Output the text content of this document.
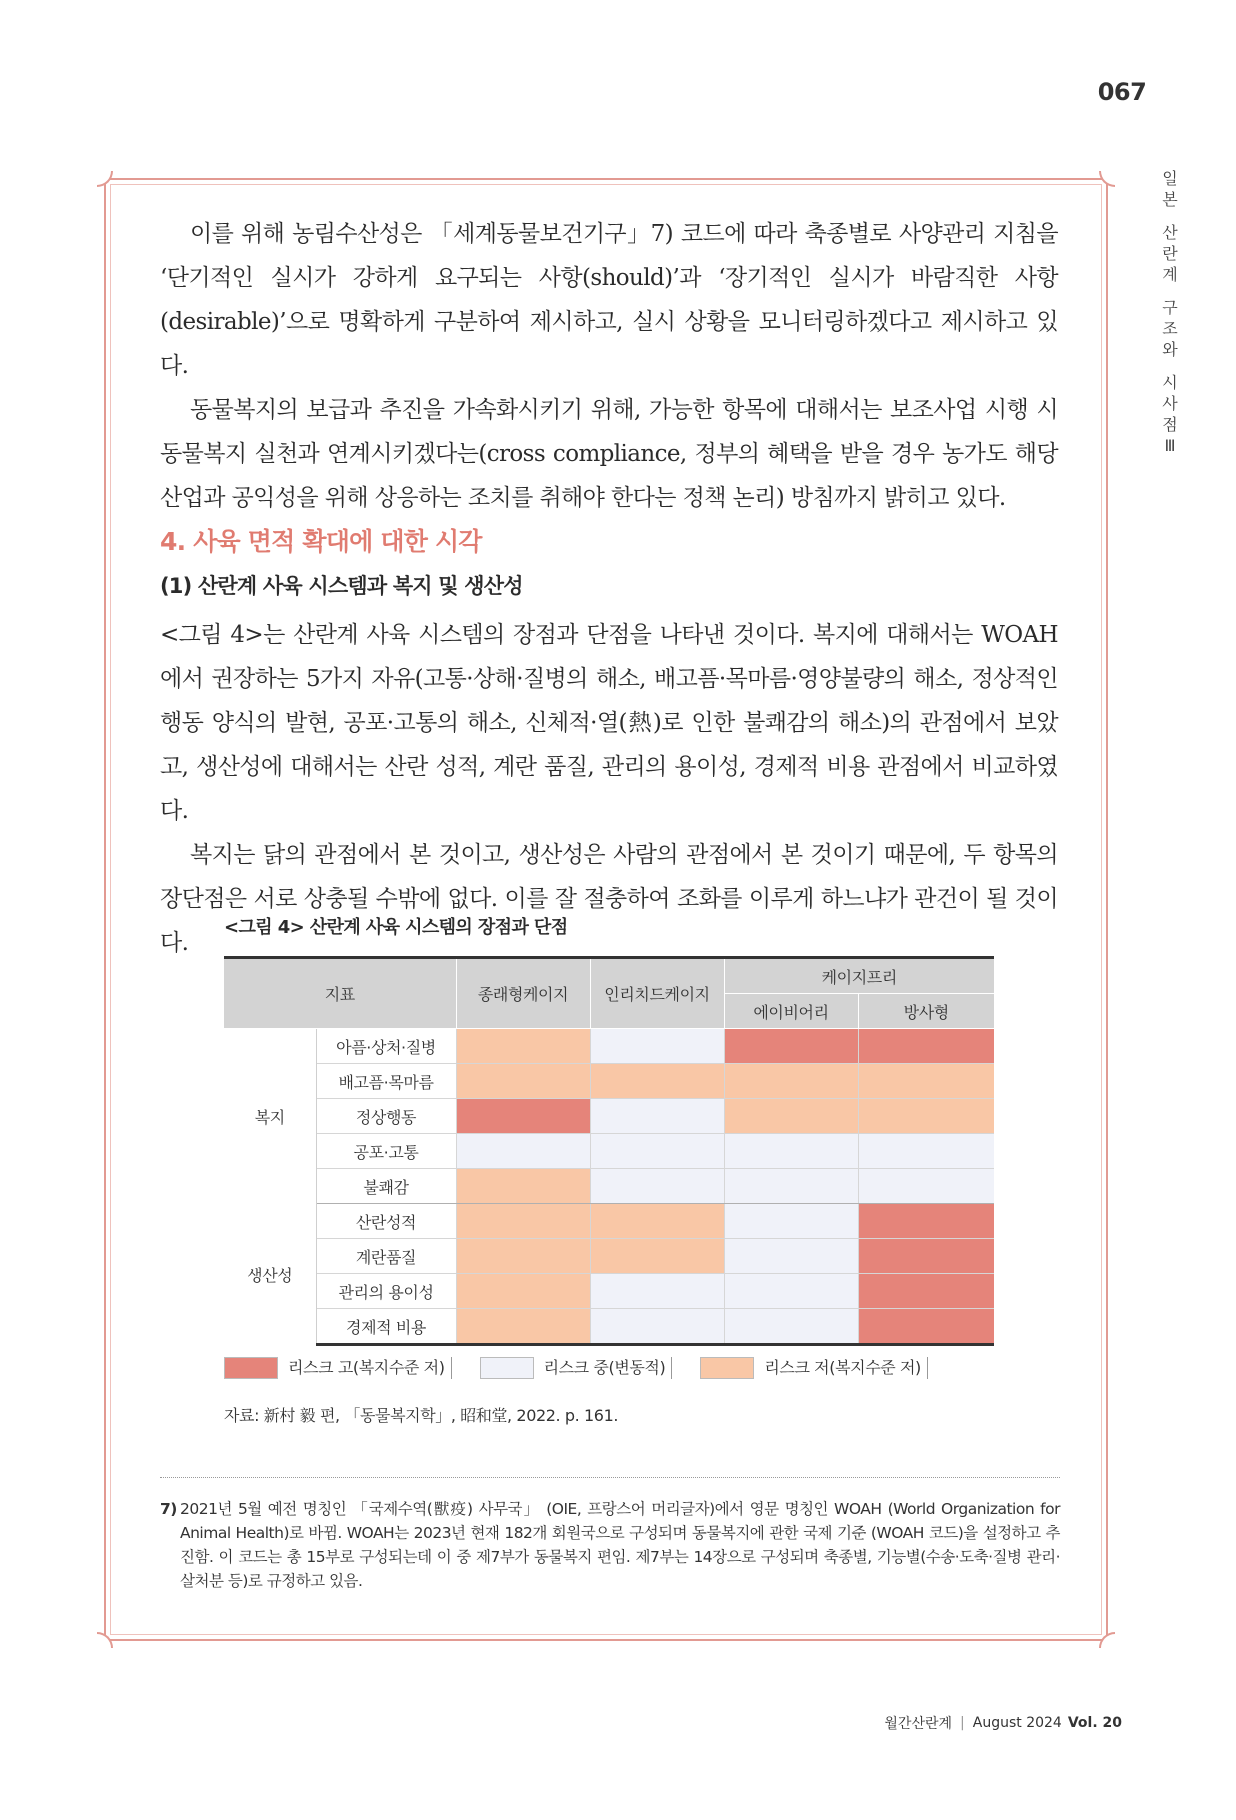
067
일
본
산
란
계
구
조
와
시
사
점
Ⅲ

이를 위해 농림수산성은 「세계동물보건기구」7) 코드에 따라 축종별로 사양관리 지침을 ‘단기적인 실시가 강하게 요구되는 사항(should)’과 ‘장기적인 실시가 바람직한 사항(desirable)’으로 명확하게 구분하여 제시하고, 실시 상황을 모니터링하겠다고 제시하고 있다.

동물복지의 보급과 추진을 가속화시키기 위해, 가능한 항목에 대해서는 보조사업 시행 시 동물복지 실천과 연계시키겠다는(cross compliance, 정부의 혜택을 받을 경우 농가도 해당 산업과 공익성을 위해 상응하는 조치를 취해야 한다는 정책 논리) 방침까지 밝히고 있다.

4. 사육 면적 확대에 대한 시각
(1) 산란계 사육 시스템과 복지 및 생산성

<그림 4>는 산란계 사육 시스템의 장점과 단점을 나타낸 것이다. 복지에 대해서는 WOAH에서 권장하는 5가지 자유(고통·상해·질병의 해소, 배고픔·목마름·영양불량의 해소, 정상적인 행동 양식의 발현, 공포·고통의 해소, 신체적·열(熱)로 인한 불쾌감의 해소)의 관점에서 보았고, 생산성에 대해서는 산란 성적, 계란 품질, 관리의 용이성, 경제적 비용 관점에서 비교하였다.

복지는 닭의 관점에서 본 것이고, 생산성은 사람의 관점에서 본 것이기 때문에, 두 항목의 장단점은 서로 상충될 수밖에 없다. 이를 잘 절충하여 조화를 이루게 하느냐가 관건이 될 것이다.

<그림 4> 산란계 사육 시스템의 장점과 단점
지표		종래형케이지	인리치드케이지	케이지프리	
				에이비어리	방사형
복지	아픔·상처·질병				
	배고픔·목마름				
	정상행동				
	공포·고통				
	불쾌감				
생산성	산란성적				
	계란품질				
	관리의 용이성				
	경제적 비용				
리스크 고(복지수준 저)	리스크 중(변동적)	리스크 저(복지수준 저)
자료: 新村 毅 편, 「동물복지학」, 昭和堂, 2022. p. 161.
7) 2021년 5월 예전 명칭인 「국제수역(獸疫) 사무국」 (OIE, 프랑스어 머리글자)에서 영문 명칭인 WOAH (World Organization for Animal Health)로 바뀜. WOAH는 2023년 현재 182개 회원국으로 구성되며 동물복지에 관한 국제 기준 (WOAH 코드)을 설정하고 추진함. 이 코드는 총 15부로 구성되는데 이 중 제7부가 동물복지 편임. 제7부는 14장으로 구성되며 축종별, 기능별(수송·도축·질병 관리·살처분 등)로 규정하고 있음.
월간산란계 | August 2024 Vol. 20
